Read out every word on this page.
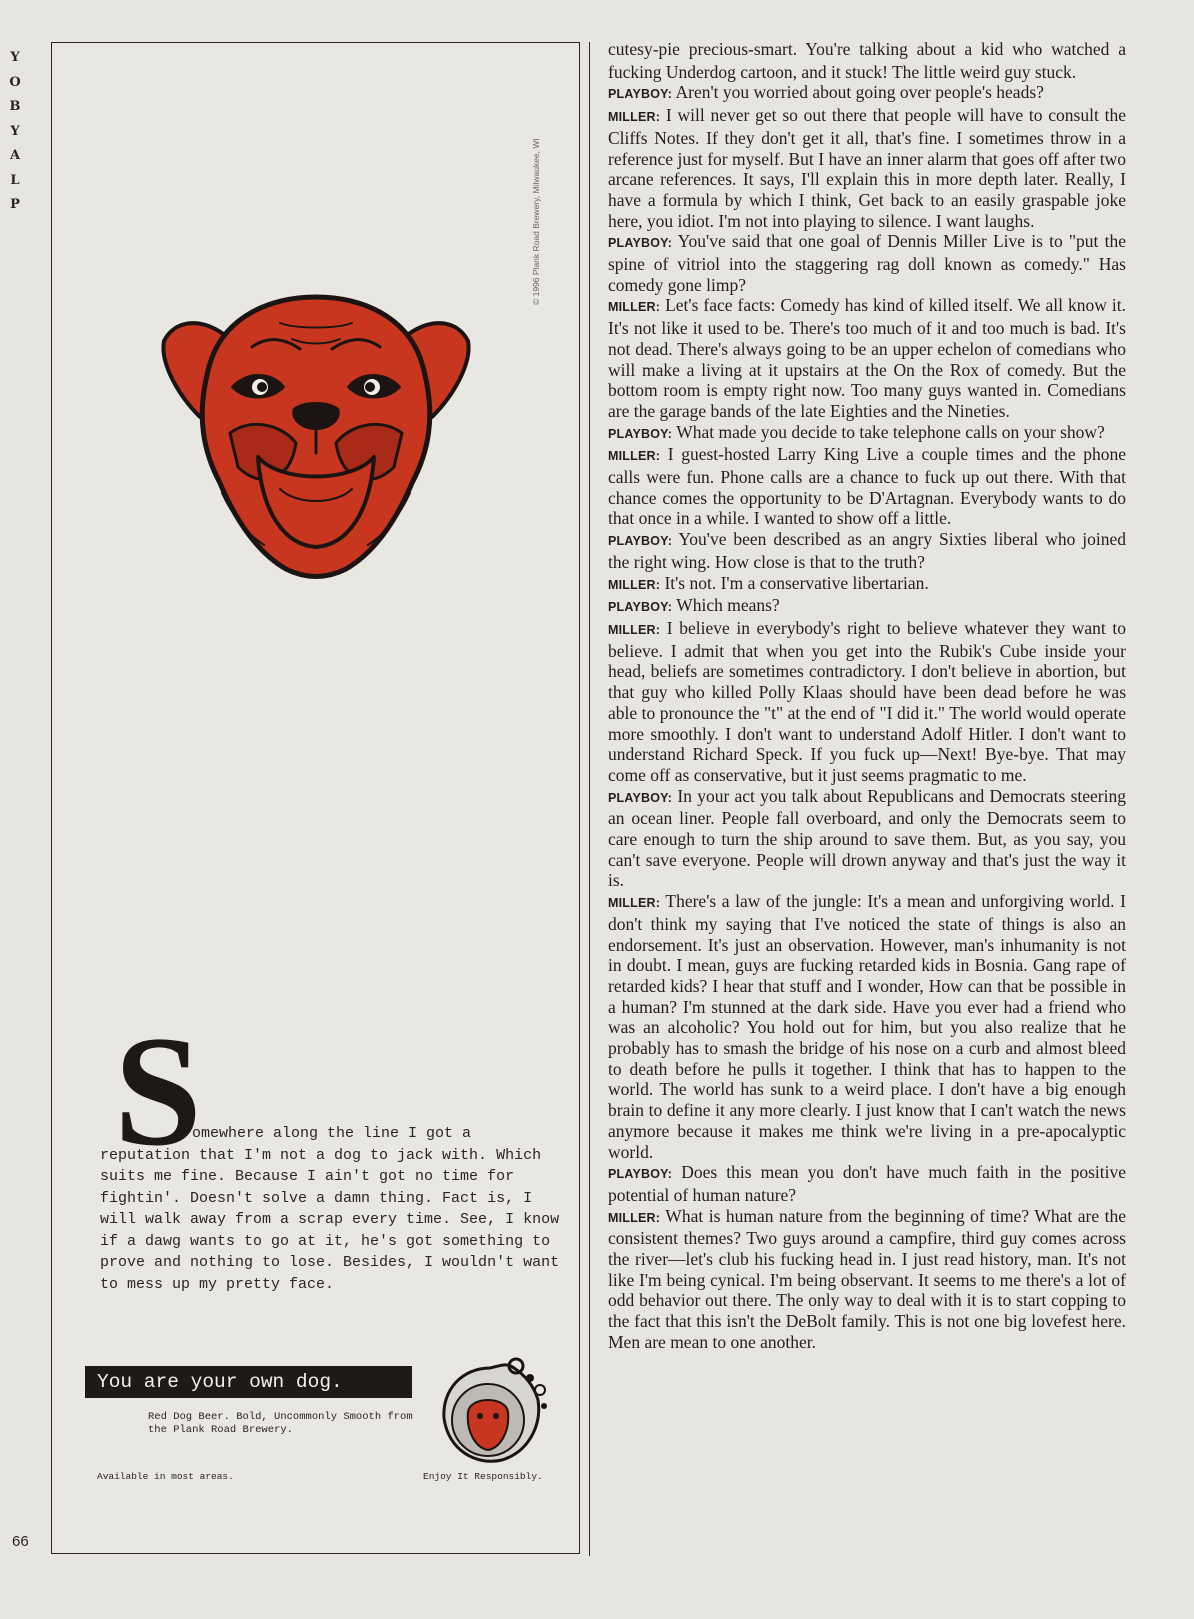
Y
O
B
Y
A
L
P
66
© 1996 Plank Road Brewery, Milwaukee, WI
S

omewhere along the line I got a
reputation that I'm not a dog to jack with. Which suits me fine. Because I ain't got no time for fightin'. Doesn't solve a damn thing. Fact is, I will walk away from a scrap every time. See, I know if a dawg wants to go at it, he's got something to prove and nothing to lose. Besides, I wouldn't want to mess up my pretty face.

You are your own dog.

Red Dog Beer. Bold, Uncommonly Smooth from the Plank Road Brewery.

Available in most areas.	Enjoy It Responsibly.

cutesy-pie precious-smart. You're talking about a kid who watched a fucking Underdog cartoon, and it stuck! The little weird guy stuck.

PLAYBOY: Aren't you worried about going over people's heads?

MILLER: I will never get so out there that people will have to consult the Cliffs Notes. If they don't get it all, that's fine. I sometimes throw in a reference just for myself. But I have an inner alarm that goes off after two arcane references. It says, I'll explain this in more depth later. Really, I have a formula by which I think, Get back to an easily graspable joke here, you idiot. I'm not into playing to silence. I want laughs.

PLAYBOY: You've said that one goal of Dennis Miller Live is to "put the spine of vitriol into the staggering rag doll known as comedy." Has comedy gone limp?

MILLER: Let's face facts: Comedy has kind of killed itself. We all know it. It's not like it used to be. There's too much of it and too much is bad. It's not dead. There's always going to be an upper echelon of comedians who will make a living at it upstairs at the On the Rox of comedy. But the bottom room is empty right now. Too many guys wanted in. Comedians are the garage bands of the late Eighties and the Nineties.

PLAYBOY: What made you decide to take telephone calls on your show?

MILLER: I guest-hosted Larry King Live a couple times and the phone calls were fun. Phone calls are a chance to fuck up out there. With that chance comes the opportunity to be D'Artagnan. Everybody wants to do that once in a while. I wanted to show off a little.

PLAYBOY: You've been described as an angry Sixties liberal who joined the right wing. How close is that to the truth?

MILLER: It's not. I'm a conservative libertarian.

PLAYBOY: Which means?

MILLER: I believe in everybody's right to believe whatever they want to believe. I admit that when you get into the Rubik's Cube inside your head, beliefs are sometimes contradictory. I don't believe in abortion, but that guy who killed Polly Klaas should have been dead before he was able to pronounce the "t" at the end of "I did it." The world would operate more smoothly. I don't want to understand Adolf Hitler. I don't want to understand Richard Speck. If you fuck up—Next! Bye-bye. That may come off as conservative, but it just seems pragmatic to me.

PLAYBOY: In your act you talk about Republicans and Democrats steering an ocean liner. People fall overboard, and only the Democrats seem to care enough to turn the ship around to save them. But, as you say, you can't save everyone. People will drown anyway and that's just the way it is.

MILLER: There's a law of the jungle: It's a mean and unforgiving world. I don't think my saying that I've noticed the state of things is also an endorsement. It's just an observation. However, man's inhumanity is not in doubt. I mean, guys are fucking retarded kids in Bosnia. Gang rape of retarded kids? I hear that stuff and I wonder, How can that be possible in a human? I'm stunned at the dark side. Have you ever had a friend who was an alcoholic? You hold out for him, but you also realize that he probably has to smash the bridge of his nose on a curb and almost bleed to death before he pulls it together. I think that has to happen to the world. The world has sunk to a weird place. I don't have a big enough brain to define it any more clearly. I just know that I can't watch the news anymore because it makes me think we're living in a pre-apocalyptic world.

PLAYBOY: Does this mean you don't have much faith in the positive potential of human nature?

MILLER: What is human nature from the beginning of time? What are the consistent themes? Two guys around a campfire, third guy comes across the river—let's club his fucking head in. I just read history, man. It's not like I'm being cynical. I'm being observant. It seems to me there's a lot of odd behavior out there. The only way to deal with it is to start copping to the fact that this isn't the DeBolt family. This is not one big lovefest here. Men are mean to one another.
